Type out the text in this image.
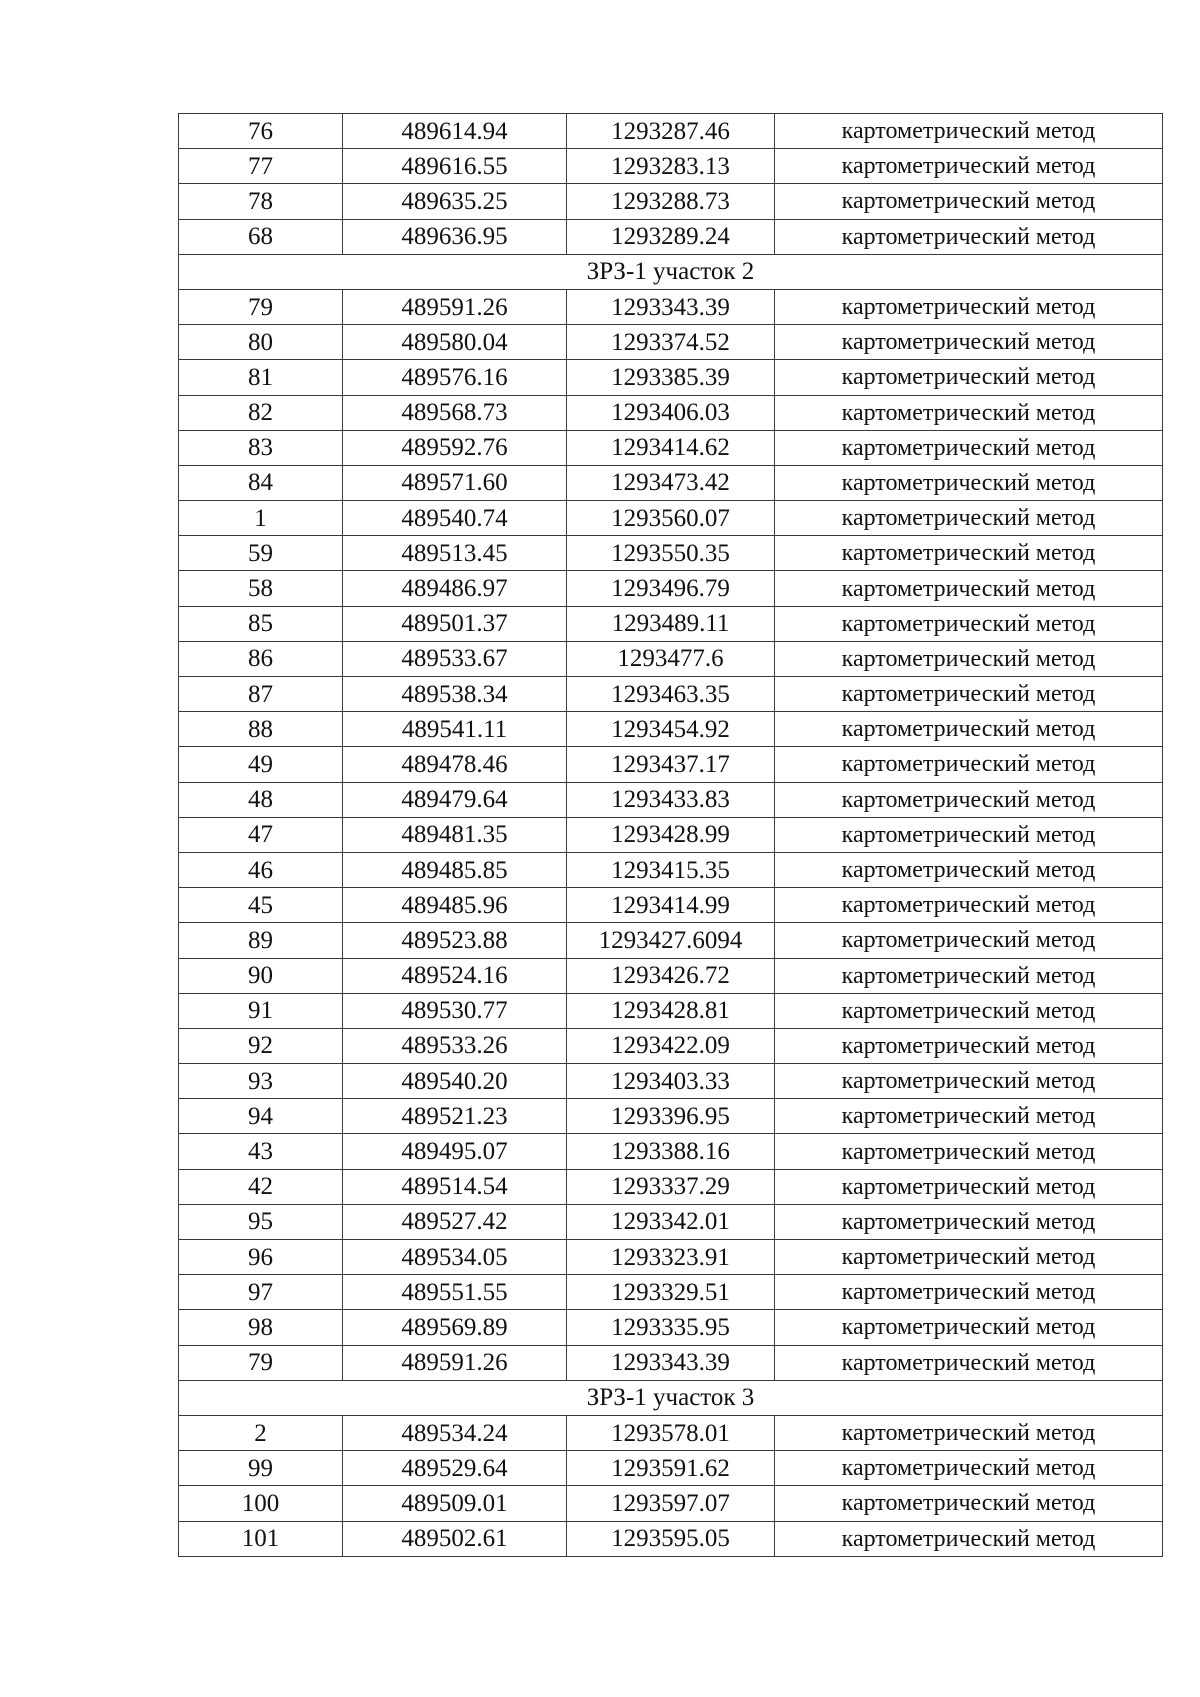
76	489614.94	1293287.46	картометрический метод
77	489616.55	1293283.13	картометрический метод
78	489635.25	1293288.73	картометрический метод
68	489636.95	1293289.24	картометрический метод
ЗРЗ-1 участок 2			
79	489591.26	1293343.39	картометрический метод
80	489580.04	1293374.52	картометрический метод
81	489576.16	1293385.39	картометрический метод
82	489568.73	1293406.03	картометрический метод
83	489592.76	1293414.62	картометрический метод
84	489571.60	1293473.42	картометрический метод
1	489540.74	1293560.07	картометрический метод
59	489513.45	1293550.35	картометрический метод
58	489486.97	1293496.79	картометрический метод
85	489501.37	1293489.11	картометрический метод
86	489533.67	1293477.6	картометрический метод
87	489538.34	1293463.35	картометрический метод
88	489541.11	1293454.92	картометрический метод
49	489478.46	1293437.17	картометрический метод
48	489479.64	1293433.83	картометрический метод
47	489481.35	1293428.99	картометрический метод
46	489485.85	1293415.35	картометрический метод
45	489485.96	1293414.99	картометрический метод
89	489523.88	1293427.6094	картометрический метод
90	489524.16	1293426.72	картометрический метод
91	489530.77	1293428.81	картометрический метод
92	489533.26	1293422.09	картометрический метод
93	489540.20	1293403.33	картометрический метод
94	489521.23	1293396.95	картометрический метод
43	489495.07	1293388.16	картометрический метод
42	489514.54	1293337.29	картометрический метод
95	489527.42	1293342.01	картометрический метод
96	489534.05	1293323.91	картометрический метод
97	489551.55	1293329.51	картометрический метод
98	489569.89	1293335.95	картометрический метод
79	489591.26	1293343.39	картометрический метод
ЗРЗ-1 участок 3			
2	489534.24	1293578.01	картометрический метод
99	489529.64	1293591.62	картометрический метод
100	489509.01	1293597.07	картометрический метод
101	489502.61	1293595.05	картометрический метод
